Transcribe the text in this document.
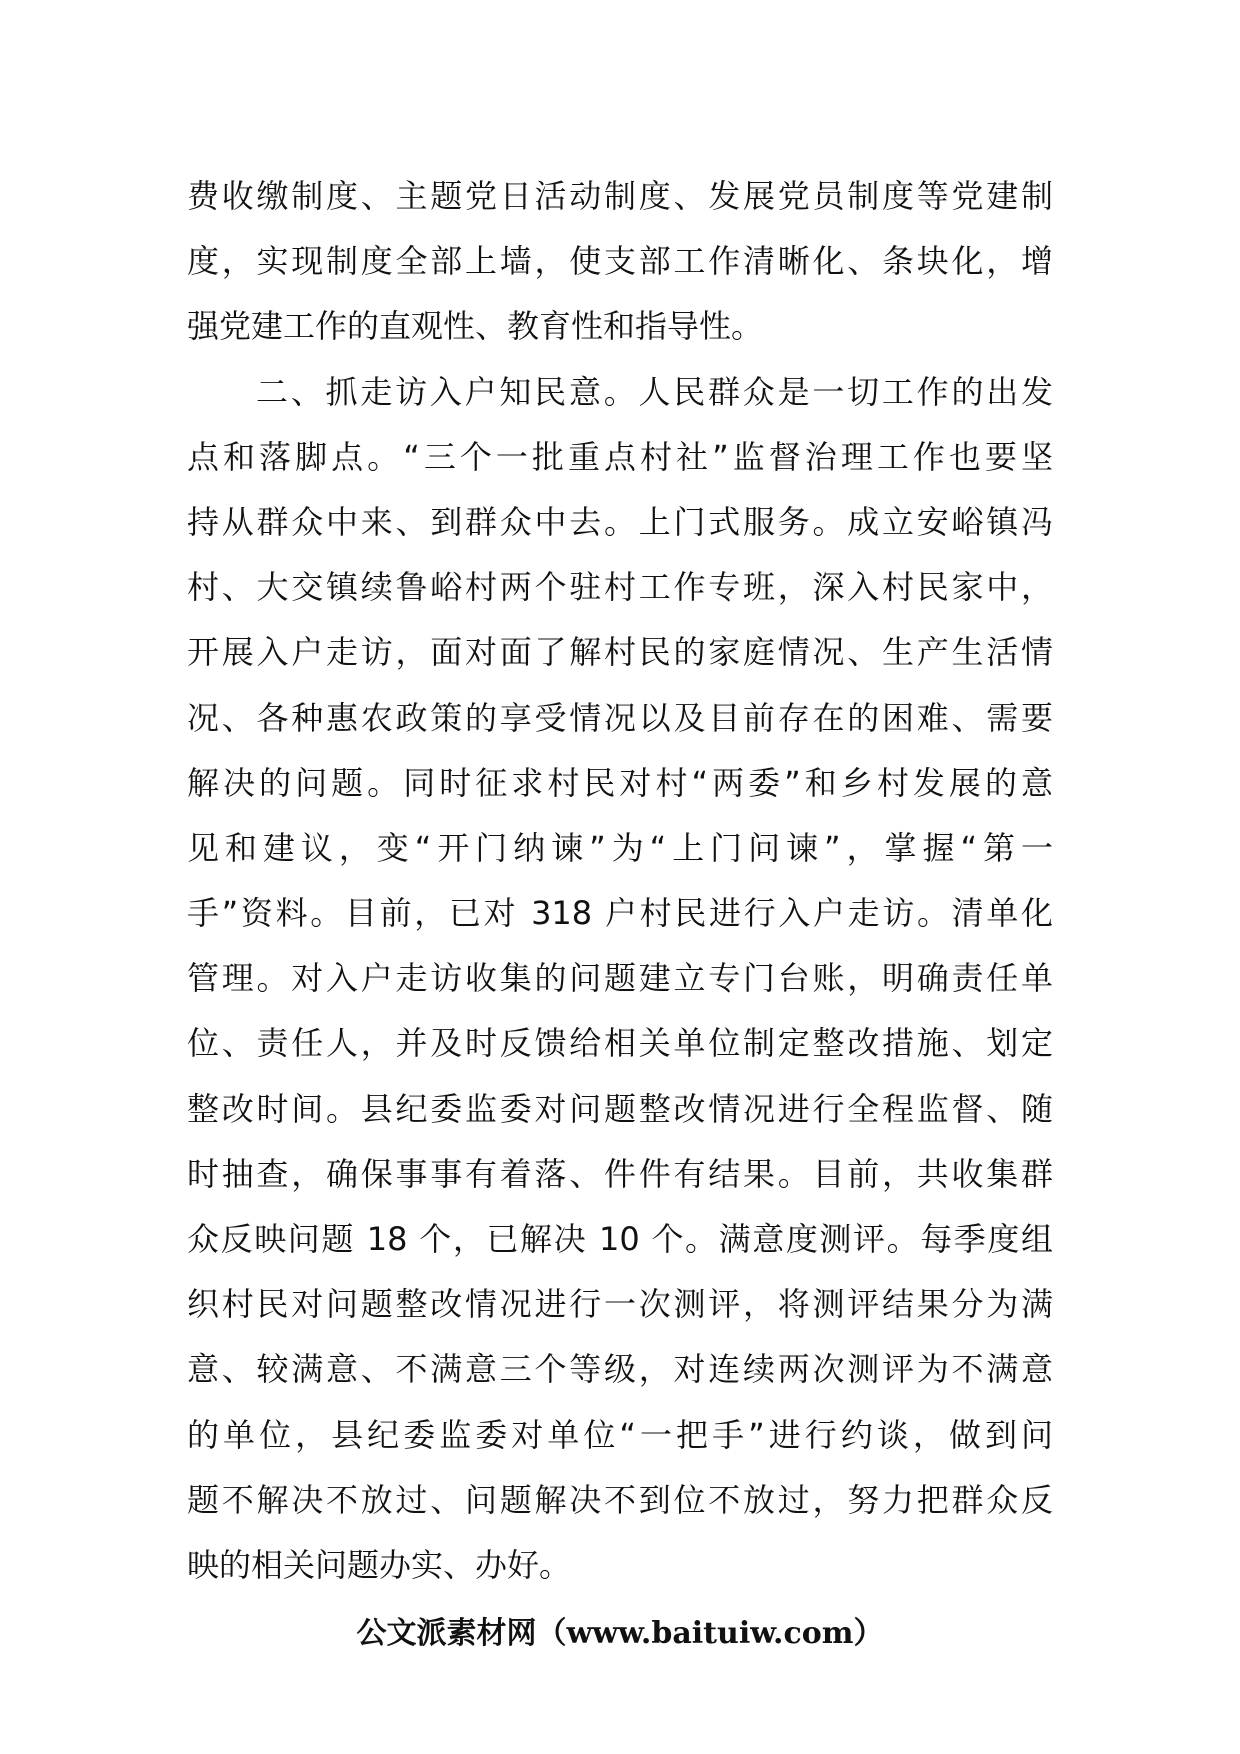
费收缴制度、主题党日活动制度、发展党员制度等党建制
度，实现制度全部上墙，使支部工作清晰化、条块化，增
强党建工作的直观性、教育性和指导性。
二、抓走访入户知民意。人民群众是一切工作的出发
点和落脚点。“三个一批重点村社”监督治理工作也要坚
持从群众中来、到群众中去。上门式服务。成立安峪镇冯
村、大交镇续鲁峪村两个驻村工作专班，深入村民家中，
开展入户走访，面对面了解村民的家庭情况、生产生活情
况、各种惠农政策的享受情况以及目前存在的困难、需要
解决的问题。同时征求村民对村“两委”和乡村发展的意
见和建议，变“开门纳谏”为“上门问谏”，掌握“第一
手”资料。目前，已对 318 户村民进行入户走访。清单化
管理。对入户走访收集的问题建立专门台账，明确责任单
位、责任人，并及时反馈给相关单位制定整改措施、划定
整改时间。县纪委监委对问题整改情况进行全程监督、随
时抽查，确保事事有着落、件件有结果。目前，共收集群
众反映问题 18 个，已解决 10 个。满意度测评。每季度组
织村民对问题整改情况进行一次测评，将测评结果分为满
意、较满意、不满意三个等级，对连续两次测评为不满意
的单位，县纪委监委对单位“一把手”进行约谈，做到问
题不解决不放过、问题解决不到位不放过，努力把群众反
映的相关问题办实、办好。
公文派素材网（www.baituiw.com）
